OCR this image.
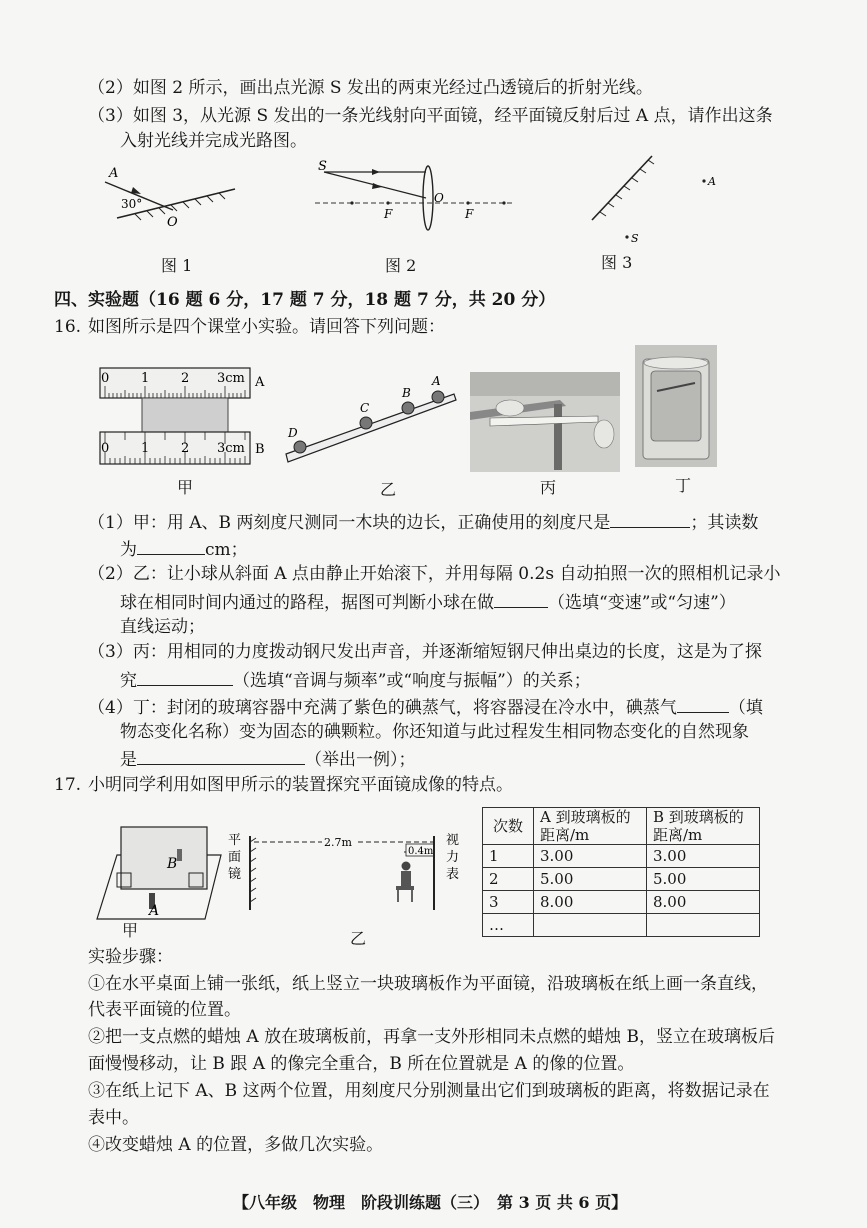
（2）如图 2 所示，画出点光源 S 发出的两束光经过凸透镜后的折射光线。
（3）如图 3，从光源 S 发出的一条光线射向平面镜，经平面镜反射后过 A 点，请作出这条
入射光线并完成光路图。
A
30°
O
图 1
S
F
O
F
图 2
A
S
图 3
四、实验题（16 题 6 分，17 题 7 分，18 题 7 分，共 20 分）
16. 如图所示是四个课堂小实验。请回答下列问题：
0 1 2 3cm A
0 1 2 3cm B
甲
D
C
B
A
乙	丙	丁
（1）甲：用 A、B 两刻度尺测同一木块的边长，正确使用的刻度尺是	；其读数
为	cm；
（2）乙：让小球从斜面 A 点由静止开始滚下，并用每隔 0.2s 自动拍照一次的照相机记录小
球在相同时间内通过的路程，据图可判断小球在做	（选填“变速”或“匀速”）
直线运动；
（3）丙：用相同的力度拨动钢尺发出声音，并逐渐缩短钢尺伸出桌边的长度，这是为了探
究	（选填“音调与频率”或“响度与振幅”）的关系；
（4）丁：封闭的玻璃容器中充满了紫色的碘蒸气，将容器浸在冷水中，碘蒸气	（填
物态变化名称）变为固态的碘颗粒。你还知道与此过程发生相同物态变化的自然现象
是	（举出一例）；
17. 小明同学利用如图甲所示的装置探究平面镜成像的特点。
B
A
甲
平
面
镜
2.7m
0.4m
视
力
表
乙
次数	A 到玻璃板的距离/m	B 到玻璃板的距离/m
1	3.00	3.00
2	5.00	5.00
3	8.00	8.00
…		
实验步骤：
①在水平桌面上铺一张纸，纸上竖立一块玻璃板作为平面镜，沿玻璃板在纸上画一条直线，
代表平面镜的位置。
②把一支点燃的蜡烛 A 放在玻璃板前，再拿一支外形相同未点燃的蜡烛 B，竖立在玻璃板后
面慢慢移动，让 B 跟 A 的像完全重合，B 所在位置就是 A 的像的位置。
③在纸上记下 A、B 这两个位置，用刻度尺分别测量出它们到玻璃板的距离，将数据记录在
表中。
④改变蜡烛 A 的位置，多做几次实验。
【八年级　物理　阶段训练题（三）　第 3 页 共 6 页】
